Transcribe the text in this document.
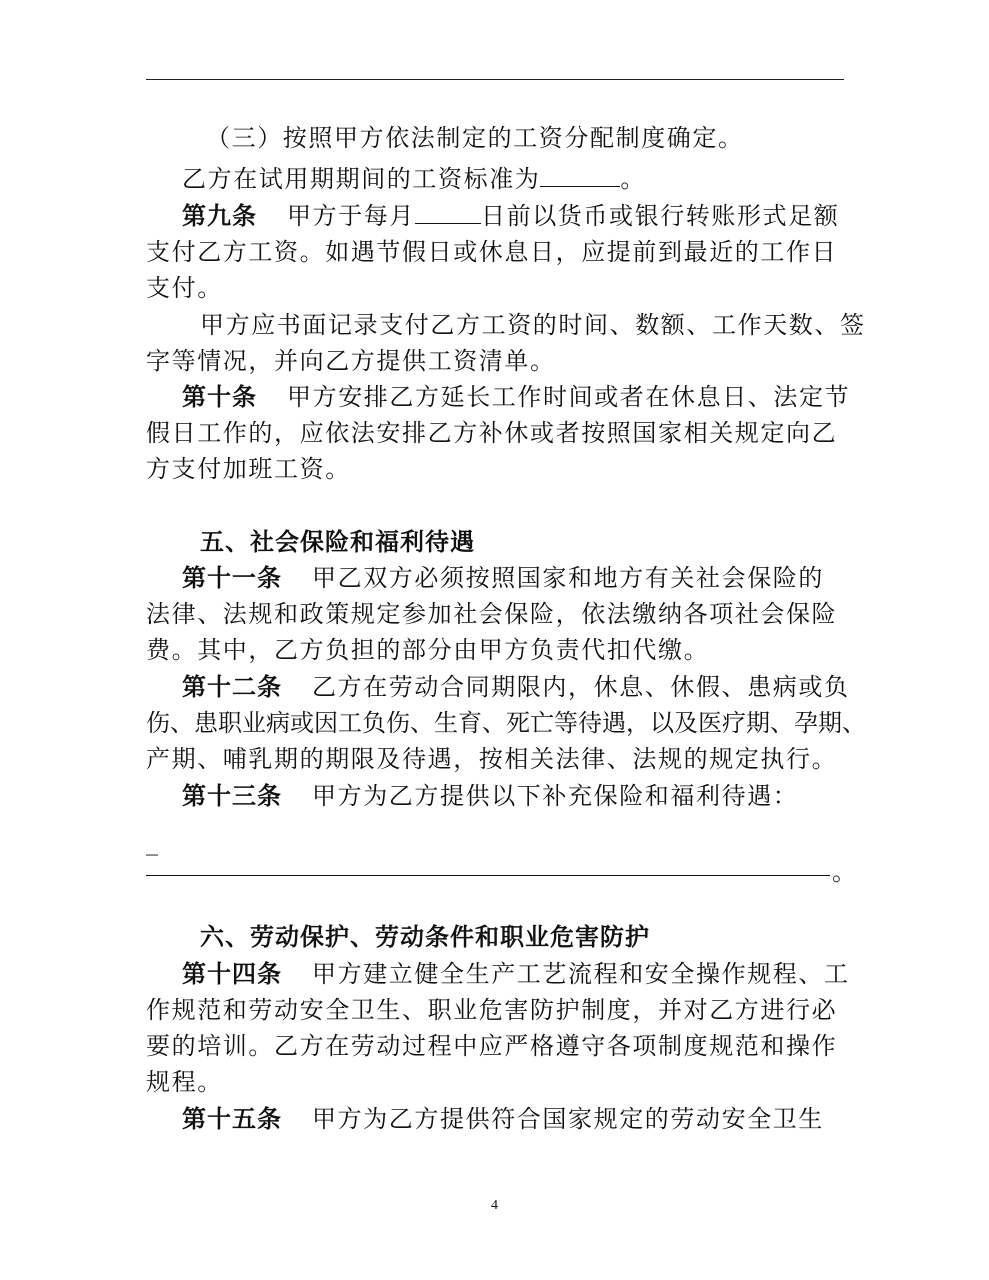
（三）按照甲方依法制定的工资分配制度确定。
乙方在试用期期间的工资标准为	。
第九条 甲方于每月	日前以货币或银行转账形式足额
支付乙方工资。如遇节假日或休息日，应提前到最近的工作日
支付。
甲方应书面记录支付乙方工资的时间、数额、工作天数、签
字等情况，并向乙方提供工资清单。
第十条 甲方安排乙方延长工作时间或者在休息日、法定节
假日工作的，应依法安排乙方补休或者按照国家相关规定向乙
方支付加班工资。
五、社会保险和福利待遇
第十一条 甲乙双方必须按照国家和地方有关社会保险的
法律、法规和政策规定参加社会保险，依法缴纳各项社会保险
费。其中，乙方负担的部分由甲方负责代扣代缴。
第十二条 乙方在劳动合同期限内，休息、休假、患病或负
伤、患职业病或因工负伤、生育、死亡等待遇，以及医疗期、孕期、
产期、哺乳期的期限及待遇，按相关法律、法规的规定执行。
第十三条 甲方为乙方提供以下补充保险和福利待遇：
_
。
六、劳动保护、劳动条件和职业危害防护
第十四条 甲方建立健全生产工艺流程和安全操作规程、工
作规范和劳动安全卫生、职业危害防护制度，并对乙方进行必
要的培训。乙方在劳动过程中应严格遵守各项制度规范和操作
规程。
第十五条 甲方为乙方提供符合国家规定的劳动安全卫生
4
